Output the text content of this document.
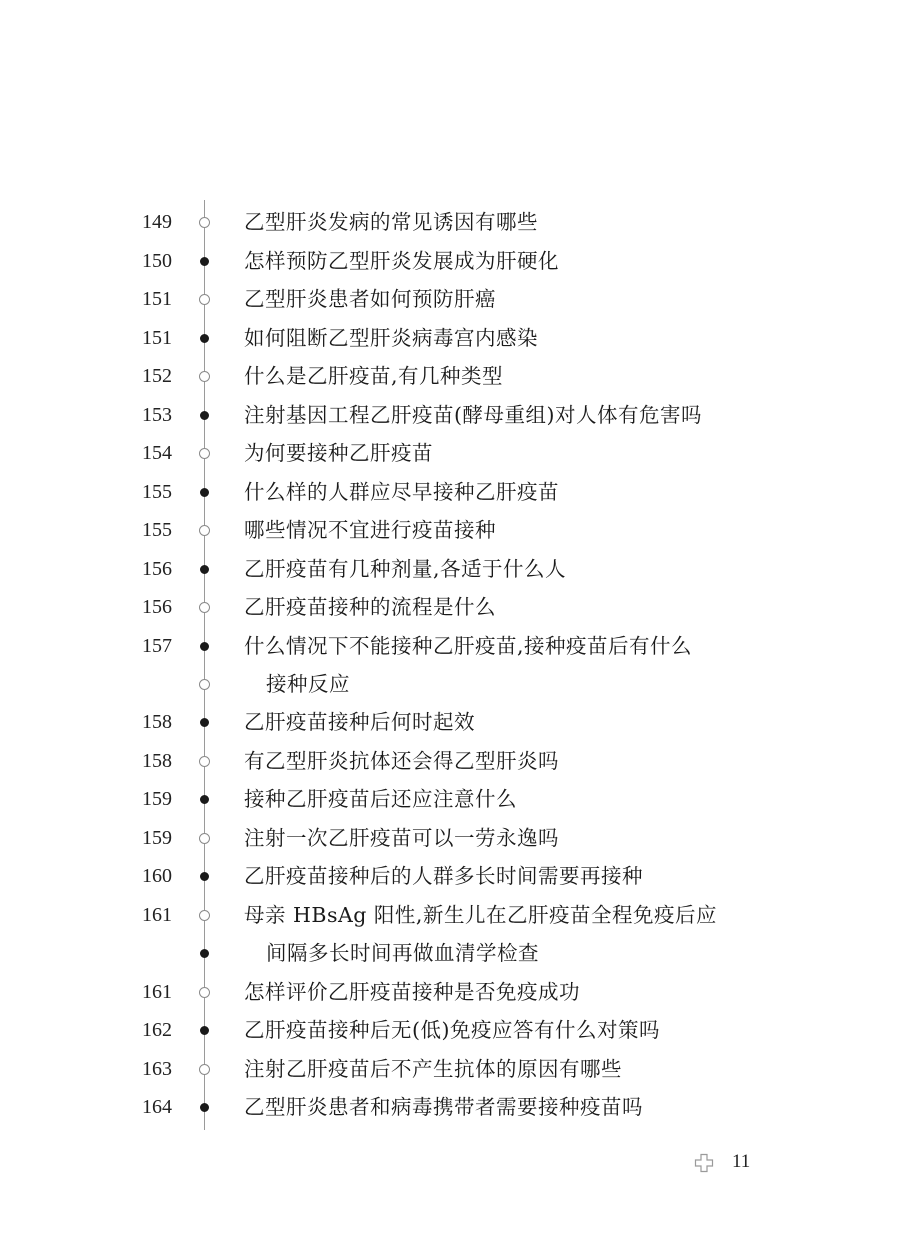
149	乙型肝炎发病的常见诱因有哪些
150	怎样预防乙型肝炎发展成为肝硬化
151	乙型肝炎患者如何预防肝癌
151	如何阻断乙型肝炎病毒宫内感染
152	什么是乙肝疫苗,有几种类型
153	注射基因工程乙肝疫苗(酵母重组)对人体有危害吗
154	为何要接种乙肝疫苗
155	什么样的人群应尽早接种乙肝疫苗
155	哪些情况不宜进行疫苗接种
156	乙肝疫苗有几种剂量,各适于什么人
156	乙肝疫苗接种的流程是什么
157	什么情况下不能接种乙肝疫苗,接种疫苗后有什么
接种反应
158	乙肝疫苗接种后何时起效
158	有乙型肝炎抗体还会得乙型肝炎吗
159	接种乙肝疫苗后还应注意什么
159	注射一次乙肝疫苗可以一劳永逸吗
160	乙肝疫苗接种后的人群多长时间需要再接种
161	母亲 HBsAg 阳性,新生儿在乙肝疫苗全程免疫后应
间隔多长时间再做血清学检查
161	怎样评价乙肝疫苗接种是否免疫成功
162	乙肝疫苗接种后无(低)免疫应答有什么对策吗
163	注射乙肝疫苗后不产生抗体的原因有哪些
164	乙型肝炎患者和病毒携带者需要接种疫苗吗
11
